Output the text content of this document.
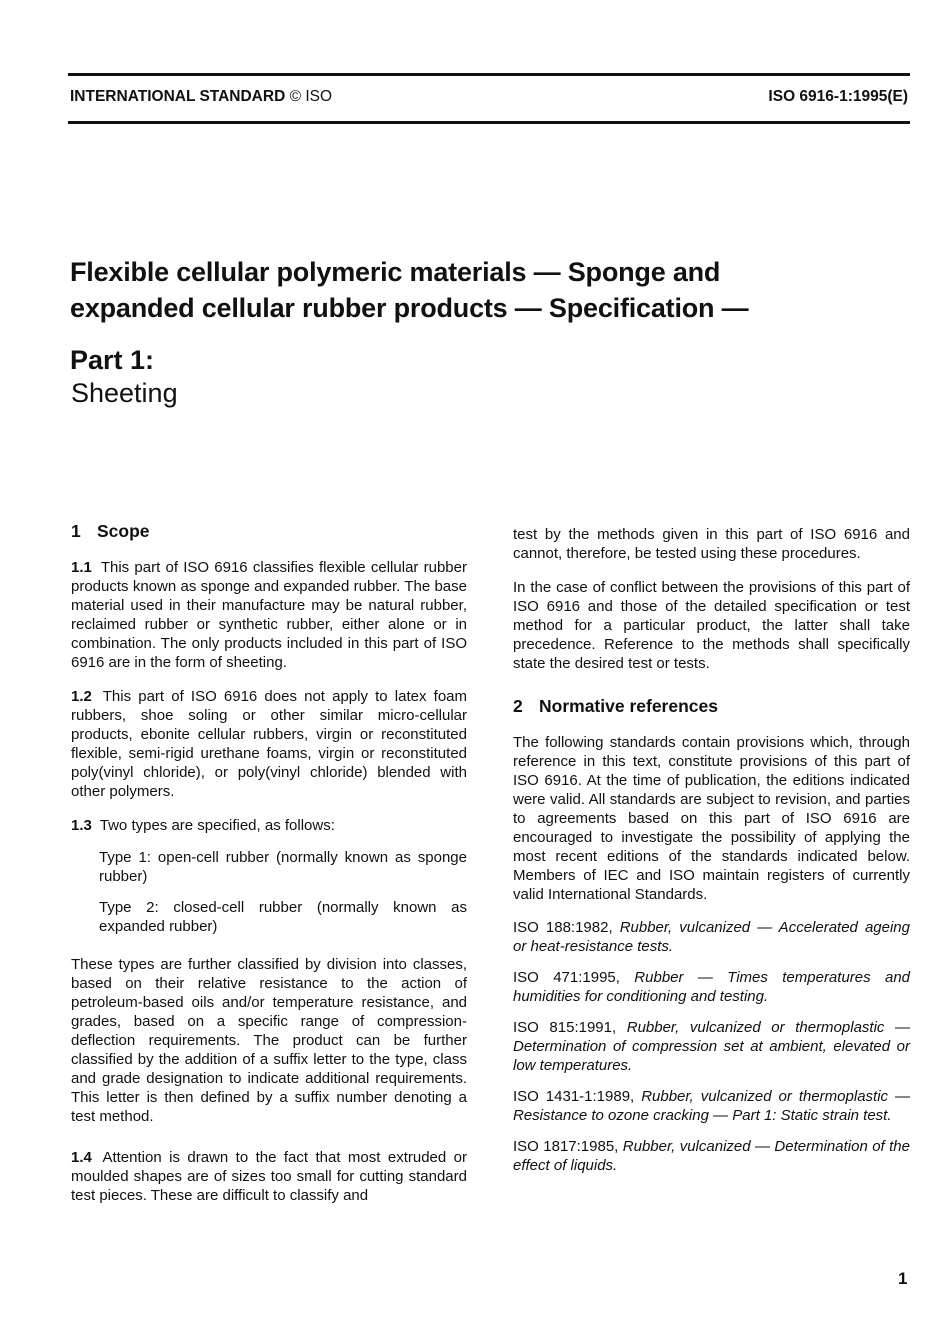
INTERNATIONAL STANDARD © ISO	ISO 6916-1:1995(E)
Flexible cellular polymeric materials — Sponge and
expanded cellular rubber products — Specification —
Part 1:
Sheeting
1 Scope

1.1 This part of ISO 6916 classifies flexible cellular rubber products known as sponge and expanded rubber. The base material used in their manufacture may be natural rubber, reclaimed rubber or synthetic rubber, either alone or in combination. The only products included in this part of ISO 6916 are in the form of sheeting.

1.2 This part of ISO 6916 does not apply to latex foam rubbers, shoe soling or other similar micro-cellular products, ebonite cellular rubbers, virgin or reconstituted flexible, semi-rigid urethane foams, virgin or reconstituted poly(vinyl chloride), or poly(vinyl chloride) blended with other polymers.

1.3 Two types are specified, as follows:

Type 1: open-cell rubber (normally known as sponge rubber)

Type 2: closed-cell rubber (normally known as expanded rubber)

These types are further classified by division into classes, based on their relative resistance to the action of petroleum-based oils and/or temperature resistance, and grades, based on a specific range of compression-deflection requirements. The product can be further classified by the addition of a suffix letter to the type, class and grade designation to indicate additional requirements. This letter is then defined by a suffix number denoting a test method.

1.4 Attention is drawn to the fact that most extruded or moulded shapes are of sizes too small for cutting standard test pieces. These are difficult to classify and

test by the methods given in this part of ISO 6916 and cannot, therefore, be tested using these procedures.

In the case of conflict between the provisions of this part of ISO 6916 and those of the detailed specification or test method for a particular product, the latter shall take precedence. Reference to the methods shall specifically state the desired test or tests.

2 Normative references

The following standards contain provisions which, through reference in this text, constitute provisions of this part of ISO 6916. At the time of publication, the editions indicated were valid. All standards are subject to revision, and parties to agreements based on this part of ISO 6916 are encouraged to investigate the possibility of applying the most recent editions of the standards indicated below. Members of IEC and ISO maintain registers of currently valid International Standards.

ISO 188:1982, Rubber, vulcanized — Accelerated ageing or heat-resistance tests.

ISO 471:1995, Rubber — Times temperatures and humidities for conditioning and testing.

ISO 815:1991, Rubber, vulcanized or thermoplastic — Determination of compression set at ambient, elevated or low temperatures.

ISO 1431-1:1989, Rubber, vulcanized or thermoplastic — Resistance to ozone cracking — Part 1: Static strain test.

ISO 1817:1985, Rubber, vulcanized — Determination of the effect of liquids.

1
